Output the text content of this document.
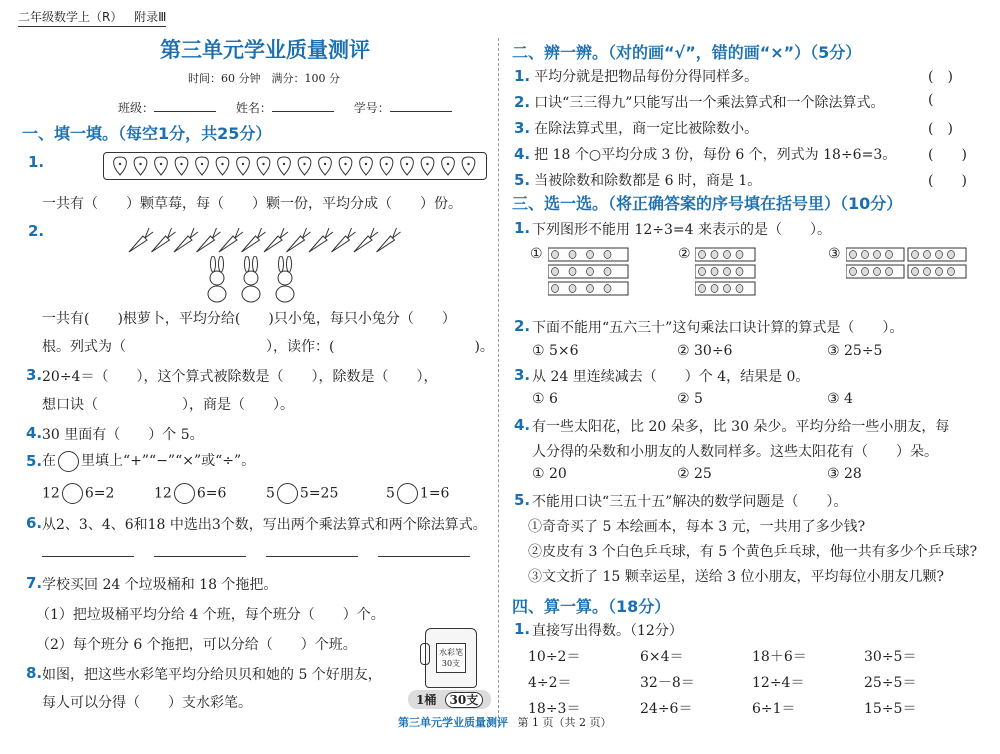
二年级数学上（R） 附录Ⅲ
第三单元学业质量测评
时间：60 分钟　满分：100 分
班级：	姓名：	学号：
一、填一填。（每空1分，共25分）
1.
一共有（　　）颗草莓，每（　　）颗一份，平均分成（　　）份。
2.
一共有(　　)根萝卜，平均分给(　　)只小兔，每只小兔分（　　）
根。列式为（　　　　　　　　　　），读作：(　　　　　　　　　　)。
3. 20÷4＝（　　），这个算式被除数是（　　），除数是（　　），
想口诀（　　　　　　），商是（　　）。
4. 30 里面有（　　）个 5。
5. 在 里填上“+”“−”“×”或“÷”。
12 6=2	12 6=6	5 5=25	5 1=6
6. 从2、3、4、6和18 中选出3个数，写出两个乘法算式和两个除法算式。
7. 学校买回 24 个垃圾桶和 18 个拖把。
（1）把垃圾桶平均分给 4 个班，每个班分（　　）个。
（2）每个班分 6 个拖把，可以分给（　　）个班。
8. 如图，把这些水彩笔平均分给贝贝和她的 5 个好朋友，
每人可以分得（　　）支水彩笔。
水彩笔
30支
1桶 30支
二、辨一辨。（对的画“√”，错的画“×”）（5分）
1. 平均分就是把物品每份分得同样多。	(　)
2. 口诀“三三得九”只能写出一个乘法算式和一个除法算式。	(
3. 在除法算式里，商一定比被除数小。	(　)
4. 把 18 个○平均分成 3 份，每份 6 个，列式为 18÷6=3。 (　　)
5. 当被除数和除数都是 6 时，商是 1。	(　　)
三、选一选。（将正确答案的序号填在括号里）（10分）
1. 下列图形不能用 12÷3=4 来表示的是（　　）。
①	②	③
2. 下面不能用“五六三十”这句乘法口诀计算的算式是（　　）。
① 5×6	② 30÷6	③ 25÷5
3. 从 24 里连续减去（　　）个 4，结果是 0。
① 6	② 5	③ 4
4. 有一些太阳花，比 20 朵多，比 30 朵少。平均分给一些小朋友，每
人分得的朵数和小朋友的人数同样多。这些太阳花有（　　）朵。
① 20	② 25	③ 28
5. 不能用口诀“三五十五”解决的数学问题是（　　）。
①奇奇买了 5 本绘画本，每本 3 元，一共用了多少钱?
②皮皮有 3 个白色乒乓球，有 5 个黄色乒乓球，他一共有多少个乒乓球?
③文文折了 15 颗幸运星，送给 3 位小朋友，平均每位小朋友几颗?
四、算一算。（18分）
1. 直接写出得数。（12分）
10÷2＝	6×4＝	18＋6＝	30÷5＝
4÷2＝	32－8＝	12÷4＝	25÷5＝
18÷3＝	24÷6＝	6÷1＝	15÷5＝
第三单元学业质量测评 第 1 页（共 2 页）
